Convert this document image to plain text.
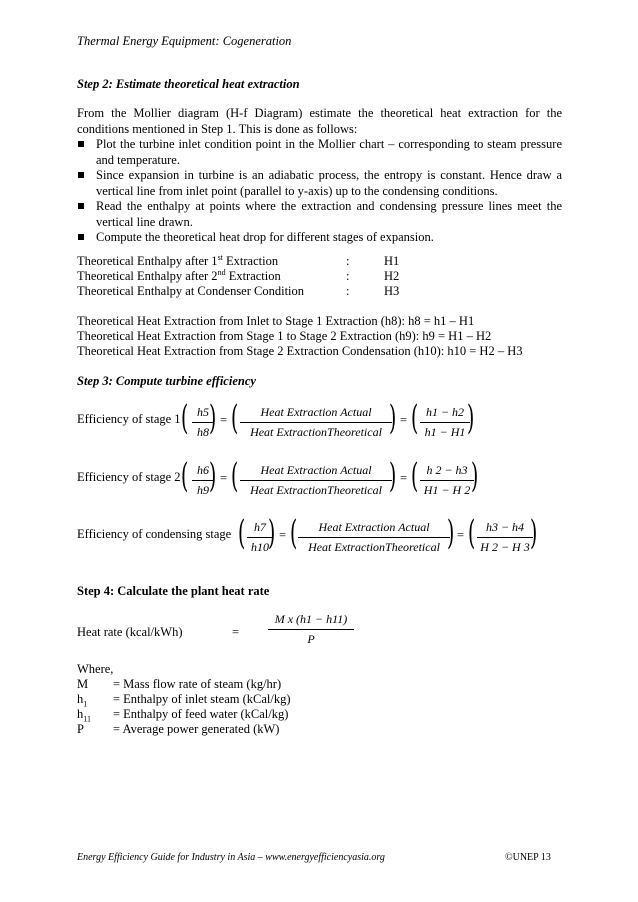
Thermal Energy Equipment: Cogeneration
Step 2: Estimate theoretical heat extraction
From the Mollier diagram (H-f Diagram) estimate the theoretical heat extraction for the conditions mentioned in Step 1. This is done as follows:
Plot the turbine inlet condition point in the Mollier chart – corresponding to steam pressure and temperature.
Since expansion in turbine is an adiabatic process, the entropy is constant. Hence draw a vertical line from inlet point (parallel to y-axis) up to the condensing conditions.
Read the enthalpy at points where the extraction and condensing pressure lines meet the vertical line drawn.
Compute the theoretical heat drop for different stages of expansion.
Theoretical Enthalpy after 1st Extraction	:	H1
Theoretical Enthalpy after 2nd Extraction	:	H2
Theoretical Enthalpy at Condenser Condition	:	H3
Theoretical Heat Extraction from Inlet to Stage 1 Extraction (h8): h8 = h1 – H1
Theoretical Heat Extraction from Stage 1 to Stage 2 Extraction (h9): h9 = H1 – H2
Theoretical Heat Extraction from Stage 2 Extraction Condensation (h10): h10 = H2 – H3
Step 3: Compute turbine efficiency
Efficiency of stage 1 ( $\frac{h5}{h8}$
) = (	Heat Extraction Actual
Heat ExtractionTheoretical ) = ( $\frac{h1 - h2}{h1 - H1}$
)
Efficiency of stage 2 ( $\frac{h6}{h9}$
) = (	Heat Extraction Actual
Heat ExtractionTheoretical ) = ( $\frac{h 2 - h3}{H1 - H 2}$
)
Efficiency of condensing stage ( $\frac{h7}{h10}$
) = (	Heat Extraction Actual
Heat ExtractionTheoretical ) = ( $\frac{h3 - h4}{H 2 - H 3}$
)
Step 4: Calculate the plant heat rate
Heat rate (kcal/kWh)	= $\frac{\text{M x (h1 − h11)}}{P}$
Where,
M = Mass flow rate of steam (kg/hr)
$h_1$ = Enthalpy of inlet steam (kCal/kg)
$h_{11}$ = Enthalpy of feed water (kCal/kg)
P = Average power generated (kW)
Energy Efficiency Guide for Industry in Asia – www.energyefficiencyasia.org	©UNEP 13
